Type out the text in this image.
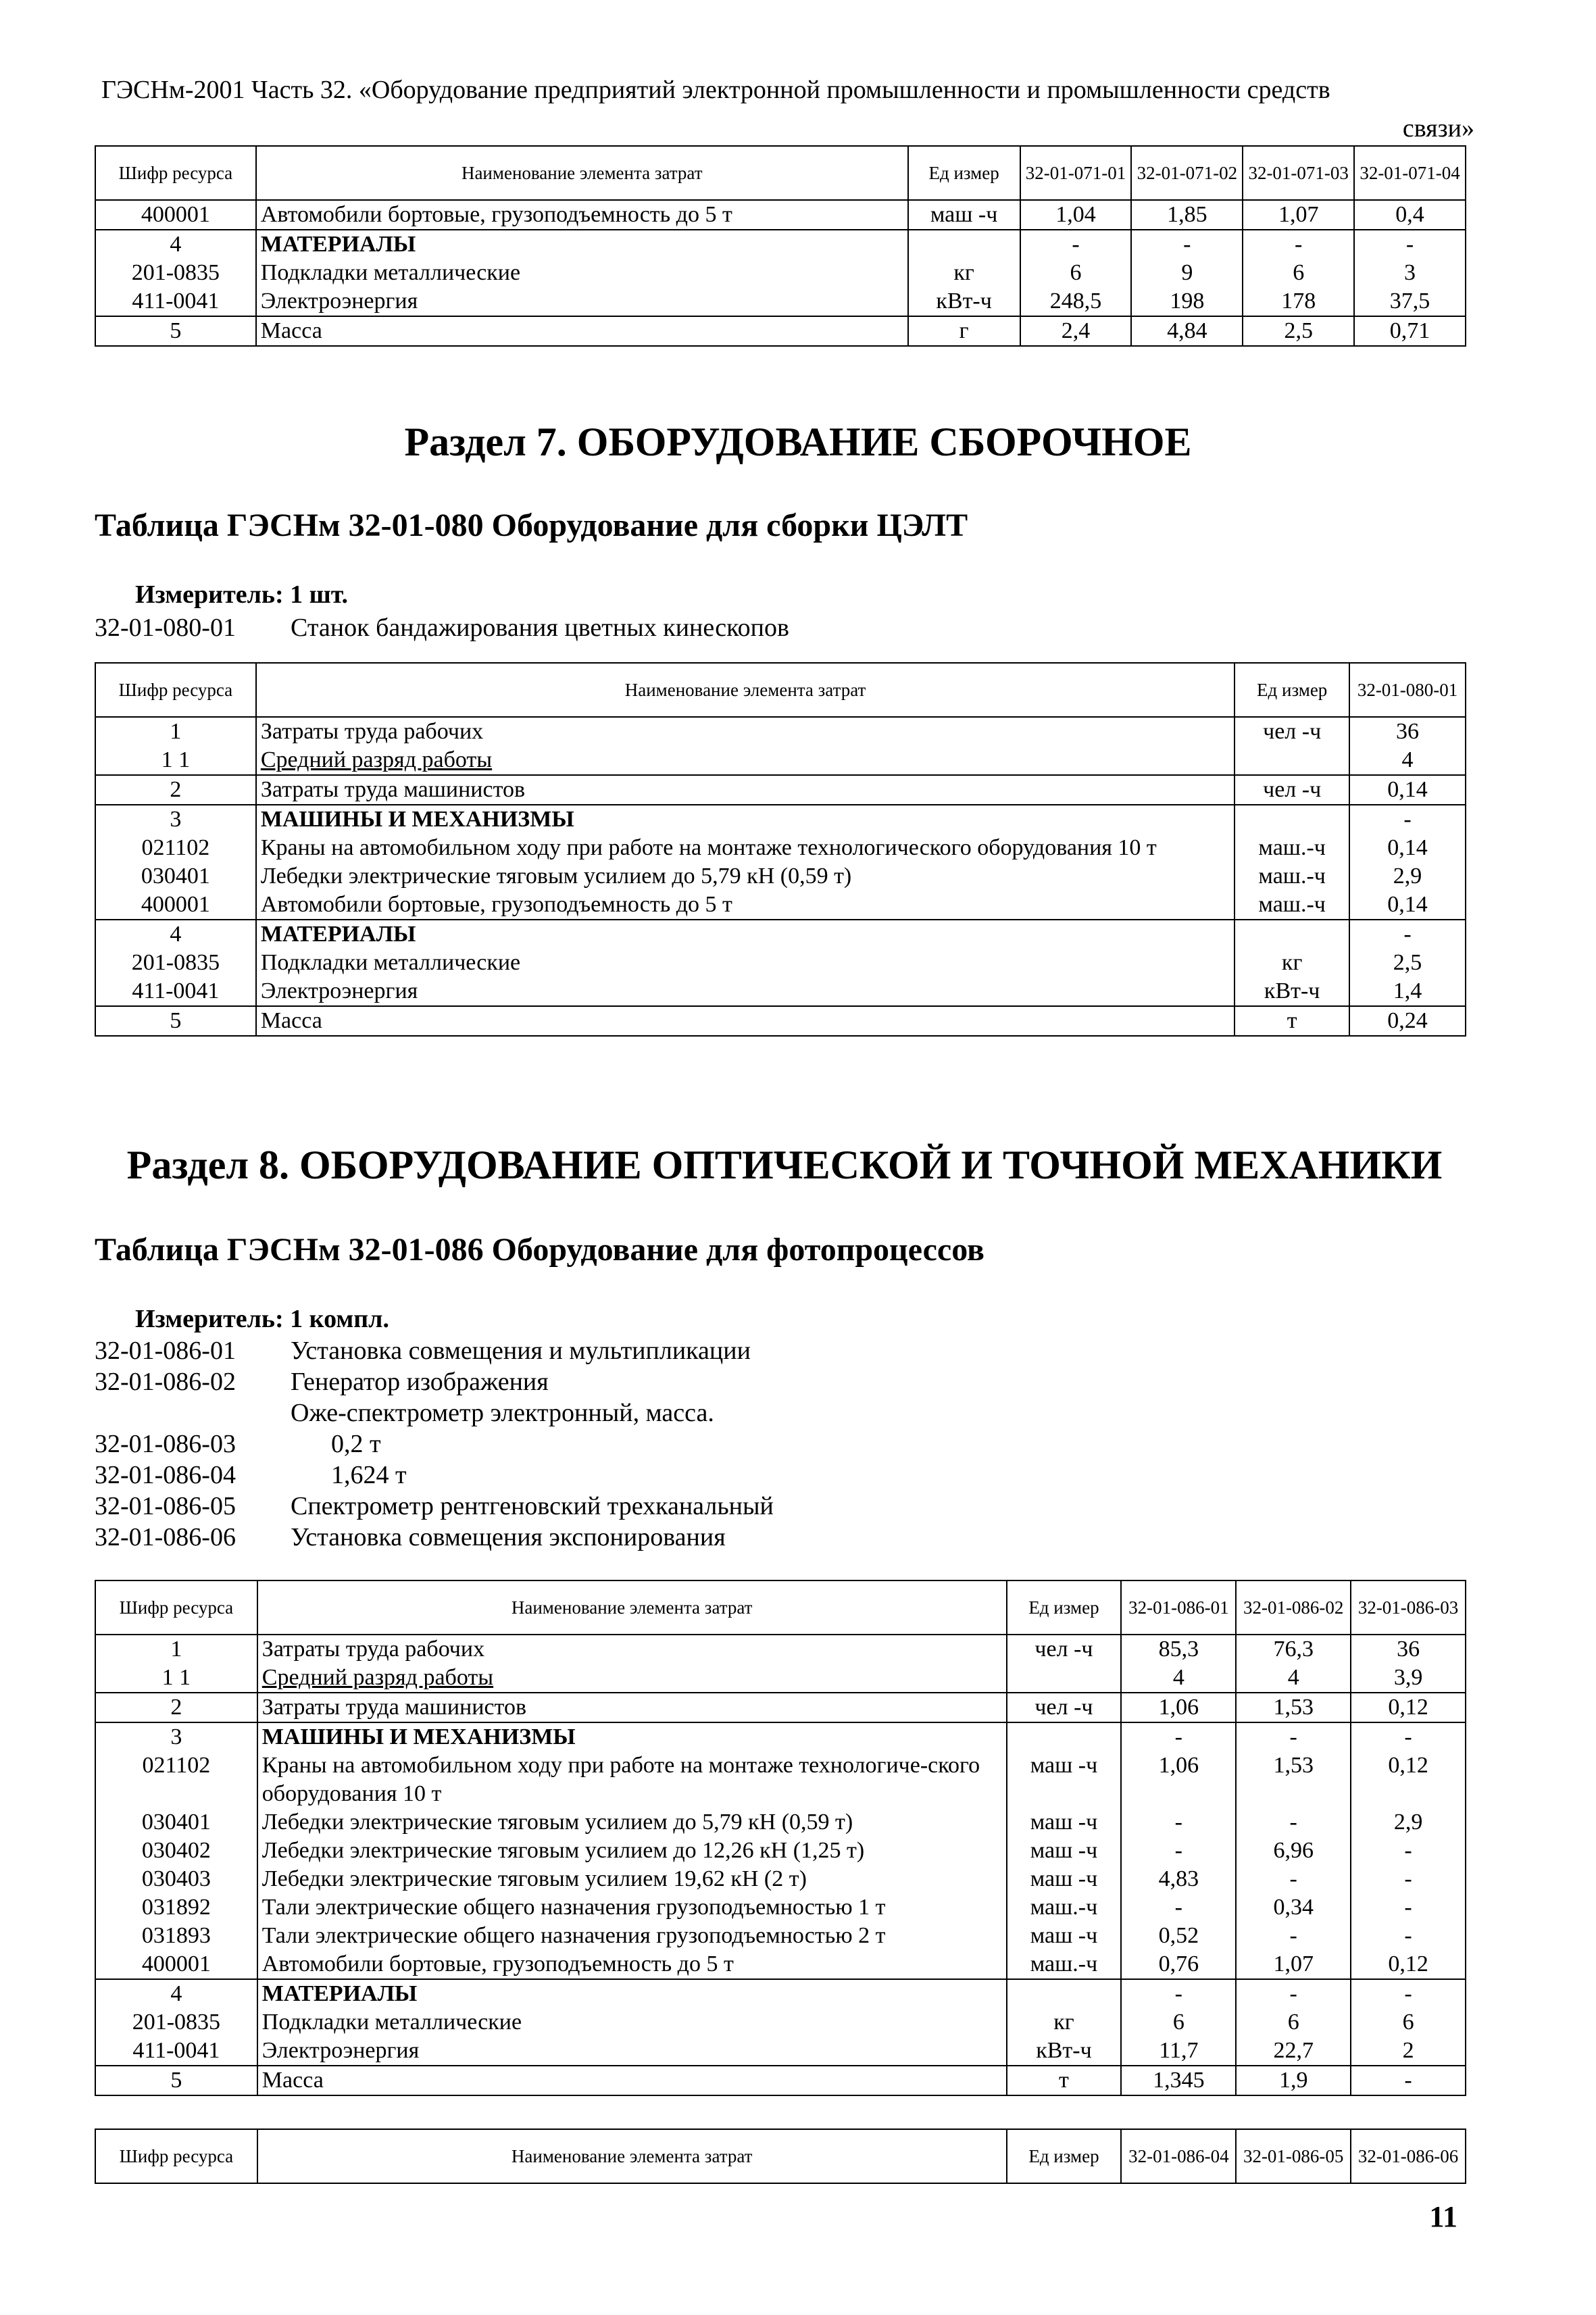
ГЭСНм-2001 Часть 32. «Оборудование предприятий электронной промышленности и промышленности средств
связи»
Шифр ресурса	Наименование элемента затрат	Ед измер	32-01-071-01	32-01-071-02	32-01-071-03	32-01-071-04
400001	Автомобили бортовые, грузоподъемность до 5 т	маш -ч	1,04	1,85	1,07	0,4
4	МАТЕРИАЛЫ		-	-	-	-
201-0835	Подкладки металлические	кг	6	9	6	3
411-0041	Электроэнергия	кВт-ч	248,5	198	178	37,5
5	Масса	г	2,4	4,84	2,5	0,71
Раздел 7. ОБОРУДОВАНИЕ СБОРОЧНОЕ
Таблица ГЭСНм 32-01-080 Оборудование для сборки ЦЭЛТ
Измеритель: 1 шт.
32-01-080-01 Станок бандажирования цветных кинескопов
Шифр ресурса	Наименование элемента затрат	Ед измер	32-01-080-01
1	Затраты труда рабочих	чел -ч	36
1 1	Средний разряд работы		4
2	Затраты труда машинистов	чел -ч	0,14
3	МАШИНЫ И МЕХАНИЗМЫ		-
021102	Краны на автомобильном ходу при работе на монтаже технологического оборудования 10 т	маш.-ч	0,14
030401	Лебедки электрические тяговым усилием до 5,79 кН (0,59 т)	маш.-ч	2,9
400001	Автомобили бортовые, грузоподъемность до 5 т	маш.-ч	0,14
4	МАТЕРИАЛЫ		-
201-0835	Подкладки металлические	кг	2,5
411-0041	Электроэнергия	кВт-ч	1,4
5	Масса	т	0,24
Раздел 8. ОБОРУДОВАНИЕ ОПТИЧЕСКОЙ И ТОЧНОЙ МЕХАНИКИ
Таблица ГЭСНм 32-01-086 Оборудование для фотопроцессов
Измеритель: 1 компл.
32-01-086-01 Установка совмещения и мультипликации
32-01-086-02 Генератор изображения
Оже-спектрометр электронный, масса.
32-01-086-03	0,2 т
32-01-086-04	1,624 т
32-01-086-05 Спектрометр рентгеновский трехканальный
32-01-086-06 Установка совмещения экспонирования
Шифр ресурса	Наименование элемента затрат	Ед измер	32-01-086-01	32-01-086-02	32-01-086-03
1	Затраты труда рабочих	чел -ч	85,3	76,3	36
1 1	Средний разряд работы		4	4	3,9
2	Затраты труда машинистов	чел -ч	1,06	1,53	0,12
3	МАШИНЫ И МЕХАНИЗМЫ		-	-	-
021102	Краны на автомобильном ходу при работе на монтаже технологиче-ского оборудования 10 т	маш -ч	1,06	1,53	0,12
030401	Лебедки электрические тяговым усилием до 5,79 кН (0,59 т)	маш -ч	-	-	2,9
030402	Лебедки электрические тяговым усилием до 12,26 кН (1,25 т)	маш -ч	-	6,96	-
030403	Лебедки электрические тяговым усилием 19,62 кН (2 т)	маш -ч	4,83	-	-
031892	Тали электрические общего назначения грузоподъемностью 1 т	маш.-ч	-	0,34	-
031893	Тали электрические общего назначения грузоподъемностью 2 т	маш -ч	0,52	-	-
400001	Автомобили бортовые, грузоподъемность до 5 т	маш.-ч	0,76	1,07	0,12
4	МАТЕРИАЛЫ		-	-	-
201-0835	Подкладки металлические	кг	6	6	6
411-0041	Электроэнергия	кВт-ч	11,7	22,7	2
5	Масса	т	1,345	1,9	-
Шифр ресурса	Наименование элемента затрат	Ед измер	32-01-086-04	32-01-086-05	32-01-086-06
11
